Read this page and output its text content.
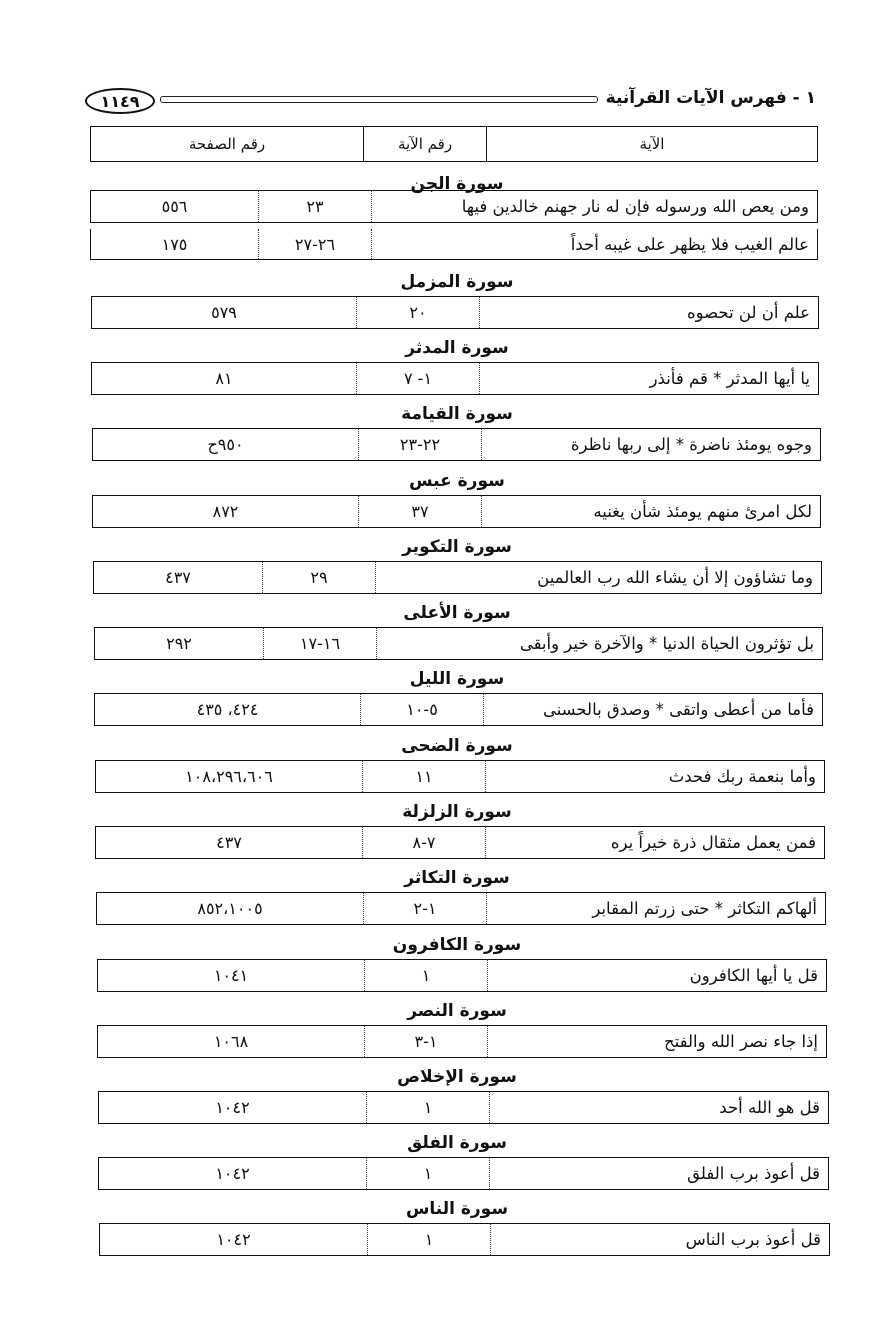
١ - فهرس الآيات القرآنية
١١٤٩
الآية
رقم الآية
رقم الصفحة
سورة الجن
ومن يعص الله ورسوله فإن له نار جهنم خالدين فيها
٢٣
٥٥٦
عالم الغيب فلا يظهر على غيبه أحداً
٢٦-٢٧
١٧٥
سورة المزمل
علم أن لن تحصوه
٢٠
٥٧٩
سورة المدثر
يا أيها المدثر * قم فأنذر
١- ٧
٨١
سورة القيامة
وجوه يومئذ ناضرة * إلى ربها ناظرة
٢٢-٢٣
٩٥٠ح
سورة عبس
لكل امرئ منهم يومئذ شأن يغنيه
٣٧
٨٧٢
سورة التكوير
وما تشاؤون إلا أن يشاء الله رب العالمين
٢٩
٤٣٧
سورة الأعلى
بل تؤثرون الحياة الدنيا * والآخرة خير وأبقى
١٦-١٧
٢٩٢
سورة الليل
فأما من أعطى واتقى * وصدق بالحسنى
٥-١٠
٤٢٤، ٤٣٥
سورة الضحى
وأما بنعمة ربك فحدث
١١
١٠٨،٢٩٦،٦٠٦
سورة الزلزلة
فمن يعمل مثقال ذرة خيراً يره
٧-٨
٤٣٧
سورة التكاثر
ألهاكم التكاثر * حتى زرتم المقابر
١-٢
٨٥٢،١٠٠٥
سورة الكافرون
قل يا أيها الكافرون
١
١٠٤١
سورة النصر
إذا جاء نصر الله والفتح
١-٣
١٠٦٨
سورة الإخلاص
قل هو الله أحد
١
١٠٤٢
سورة الفلق
قل أعوذ برب الفلق
١
١٠٤٢
سورة الناس
قل أعوذ برب الناس
١
١٠٤٢
